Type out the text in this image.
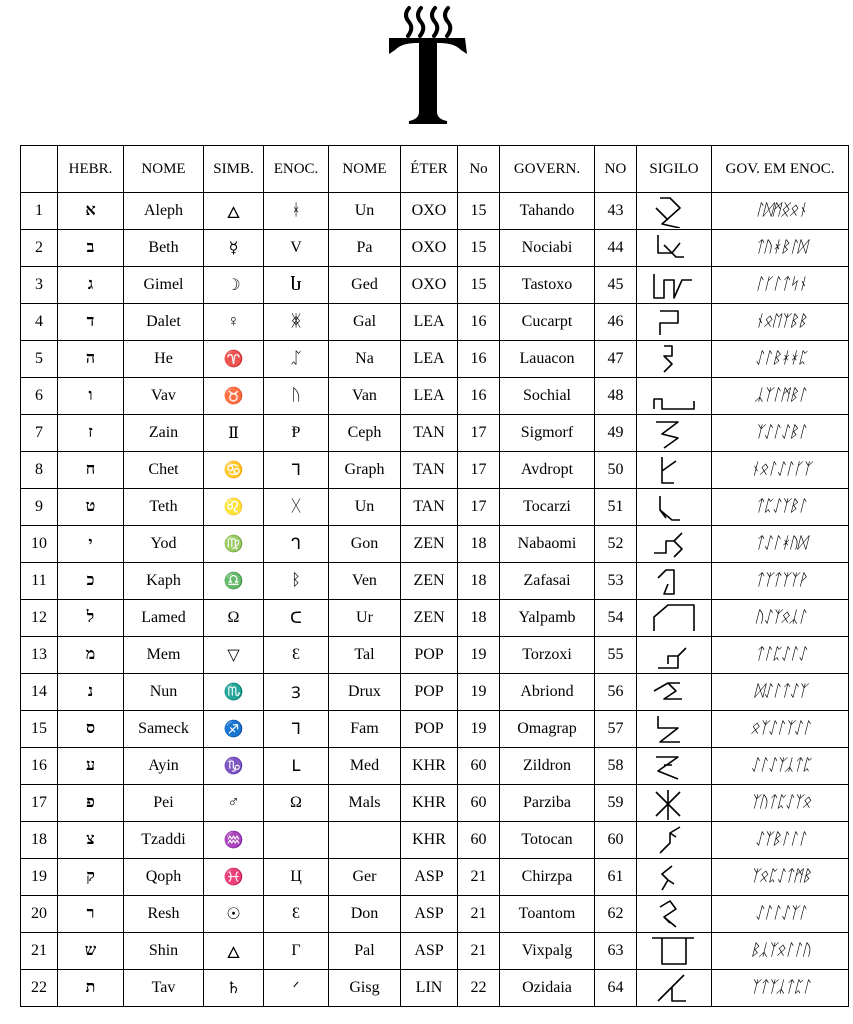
	HEBR.	NOME	SIMB.	ENOC.	NOME	ÉTER	No	GOVERN.	NO	SIGILO	GOV. EM ENOC.
1	א	Aleph	🜂	ᚼ	Un	OXO	15	Tahando	43		ᛚᛞᛗᛝᛟᚾ
2	ב	Beth	☿	V	Pa	OXO	15	Nociabi	44		ᛏᚢᚼᛒᛚᛞ
3	ג	Gimel	☽	Ⴑ	Ged	OXO	15	Tastoxo	45		ᛚᚴᛚᛏᛋᚾ
4	ד	Dalet	♀	ᛤ	Gal	LEA	16	Cucarpt	46		ᚾᛟᛖᛉᛒᛒ
5	ה	He	♈	ᛢ	Na	LEA	16	Lauacon	47		ᛇᛚᛒᚼᚼᛈ
6	ו	Vav	♉	ᚢ	Van	LEA	16	Sochial	48		ᛣᛉᛚᛗᛒᛚ
7	ז	Zain	Ⅱ	Ᵽ	Ceph	TAN	17	Sigmorf	49		ᛉᛇᛚᛇᛒᛚ
8	ח	Chet	♋	ᒣ	Graph	TAN	17	Avdropt	50		ᚾᛟᛚᛇᛚᚴᛉ
9	ט	Teth	♌	ᚷ	Un	TAN	17	Tocarzi	51		ᛏᛈᛇᛉᛒᛚ
10	י	Yod	♍	ᒉ	Gon	ZEN	18	Nabaomi	52		ᛏᛇᛚᚼᚢᛞ
11	כ	Kaph	♎	ᛒ	Ven	ZEN	18	Zafasai	53		ᛏᛉᛏᛉᛉᚹ
12	ל	Lamed	Ω	ᑕ	Ur	ZEN	18	Yalpamb	54		ᚢᛇᛉᛟᛣᛚ
13	מ	Mem	▽	Ɛ	Tal	POP	19	Torzoxi	55		ᛏᛚᛈᛇᛚᛇ
14	נ	Nun	♏	Ɜ	Drux	POP	19	Abriond	56		ᛞᛇᛚᛏᛇᛉ
15	ס	Sameck	♐	ᒣ	Fam	POP	19	Omagrap	57		ᛟᛉᛇᛚᛉᛇᛚ
16	ע	Ayin	♑	ᒪ	Med	KHR	60	Zildron	58		ᛇᛚᛇᛉᛣᛏᛈ
17	פ	Pei	♂	Ω	Mals	KHR	60	Parziba	59		ᛉᚢᛏᛈᛇᛉᛟ
18	צ	Tzaddi	♒			KHR	60	Totocan	60		ᛇᛉᛒᛚᛚᛚ
19	ק	Qoph	♓	Ц	Ger	ASP	21	Chirzpa	61		ᛉᛟᛈᛇᛏᛗᛒ
20	ר	Resh	☉	Ɛ	Don	ASP	21	Toantom	62		ᛇᛚᛚᛇᛉᛚ
21	ש	Shin	🜂	Γ	Pal	ASP	21	Vixpalg	63		ᛒᛣᛉᛟᛚᛚᚢ
22	ת	Tav	♄	ᐟ	Gisg	LIN	22	Ozidaia	64		ᛉᛏᛉᛣᛏᛈᛚ
